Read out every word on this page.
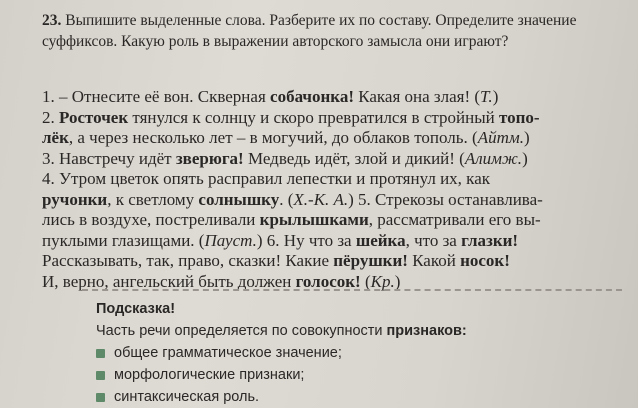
23. Выпишите выделенные слова. Разберите их по составу. Определите значение суффиксов. Какую роль в выражении авторского замысла они играют?
1. – Отнесите её вон. Скверная собачонка! Какая она злая! (Т.)
2. Росточек тянулся к солнцу и скоро превратился в стройный топо-
лёк, а через несколько лет – в могучий, до облаков тополь. (Айтм.)
3. Навстречу идёт зверюга! Медведь идёт, злой и дикий! (Алимж.)
4. Утром цветок опять расправил лепестки и протянул их, как
ручонки, к светлому солнышку. (Х.-К. А.) 5. Стрекозы останавлива-
лись в воздухе, постреливали крылышками, рассматривали его вы-
пуклыми глазищами. (Пауст.) 6. Ну что за шейка, что за глазки!
Рассказывать, так, право, сказки! Какие пёрушки! Какой носок!
И, верно, ангельский быть должен голосок! (Кр.)
Подсказка!
Часть речи определяется по совокупности признаков:
общее грамматическое значение;
морфологические признаки;
синтаксическая роль.
